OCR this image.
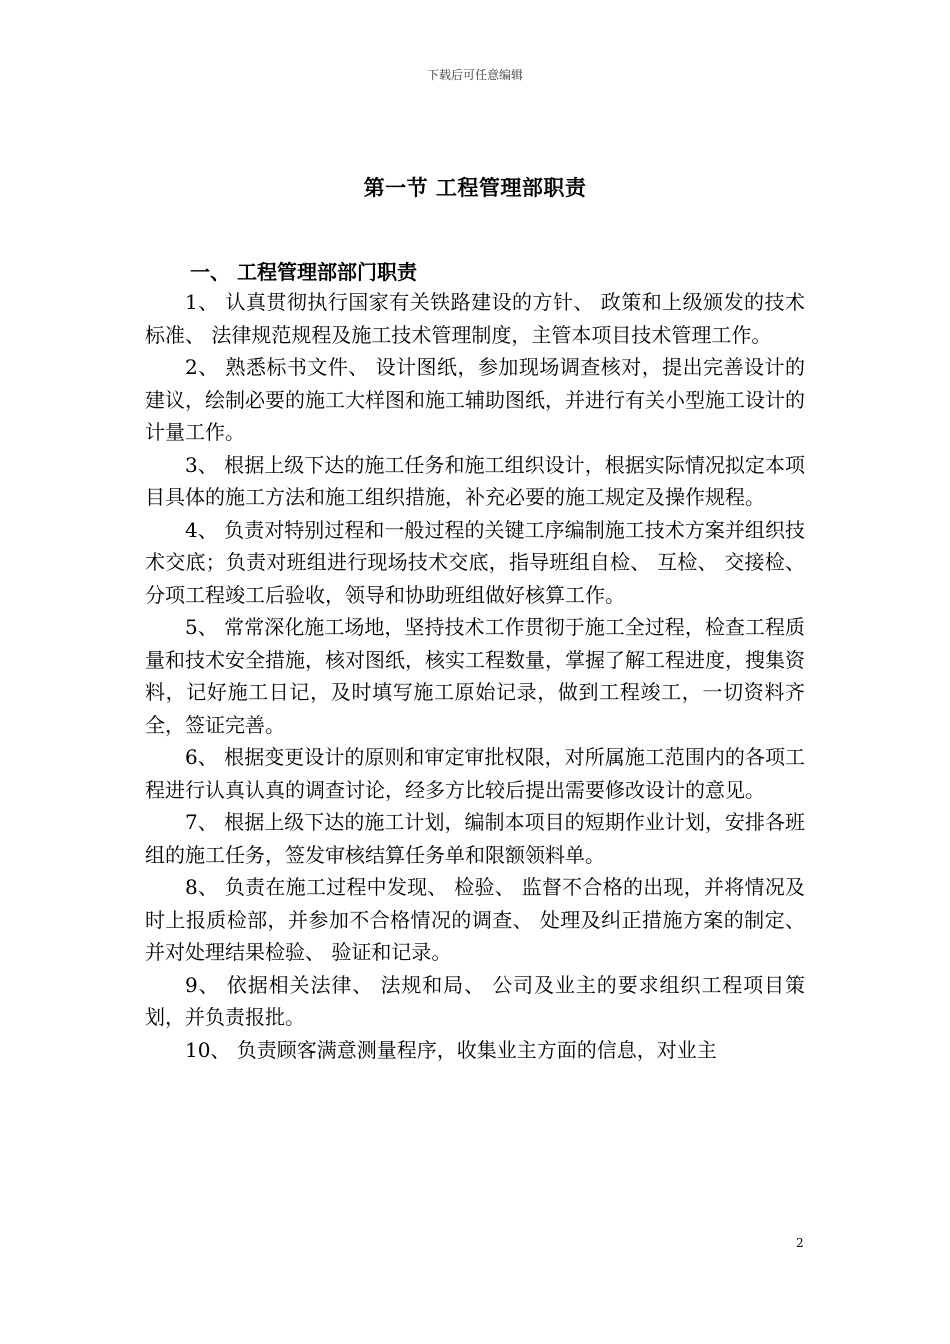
下载后可任意编辑
第一节 工程管理部职责
一、 工程管理部部门职责

1、 认真贯彻执行国家有关铁路建设的方针、 政策和上级颁发的技术标准、 法律规范规程及施工技术管理制度，主管本项目技术管理工作。

2、 熟悉标书文件、 设计图纸，参加现场调查核对，提出完善设计的建议，绘制必要的施工大样图和施工辅助图纸，并进行有关小型施工设计的计量工作。

3、 根据上级下达的施工任务和施工组织设计，根据实际情况拟定本项目具体的施工方法和施工组织措施，补充必要的施工规定及操作规程。

4、 负责对特别过程和一般过程的关键工序编制施工技术方案并组织技术交底；负责对班组进行现场技术交底，指导班组自检、 互检、 交接检、 分项工程竣工后验收，领导和协助班组做好核算工作。

5、 常常深化施工场地，坚持技术工作贯彻于施工全过程，检查工程质量和技术安全措施，核对图纸，核实工程数量，掌握了解工程进度，搜集资料，记好施工日记，及时填写施工原始记录，做到工程竣工，一切资料齐全，签证完善。

6、 根据变更设计的原则和审定审批权限，对所属施工范围内的各项工程进行认真认真的调查讨论，经多方比较后提出需要修改设计的意见。

7、 根据上级下达的施工计划，编制本项目的短期作业计划，安排各班组的施工任务，签发审核结算任务单和限额领料单。

8、 负责在施工过程中发现、 检验、 监督不合格的出现，并将情况及时上报质检部，并参加不合格情况的调查、 处理及纠正措施方案的制定、 并对处理结果检验、 验证和记录。

9、 依据相关法律、 法规和局、 公司及业主的要求组织工程项目策划，并负责报批。

10、 负责顾客满意测量程序，收集业主方面的信息，对业主

2
